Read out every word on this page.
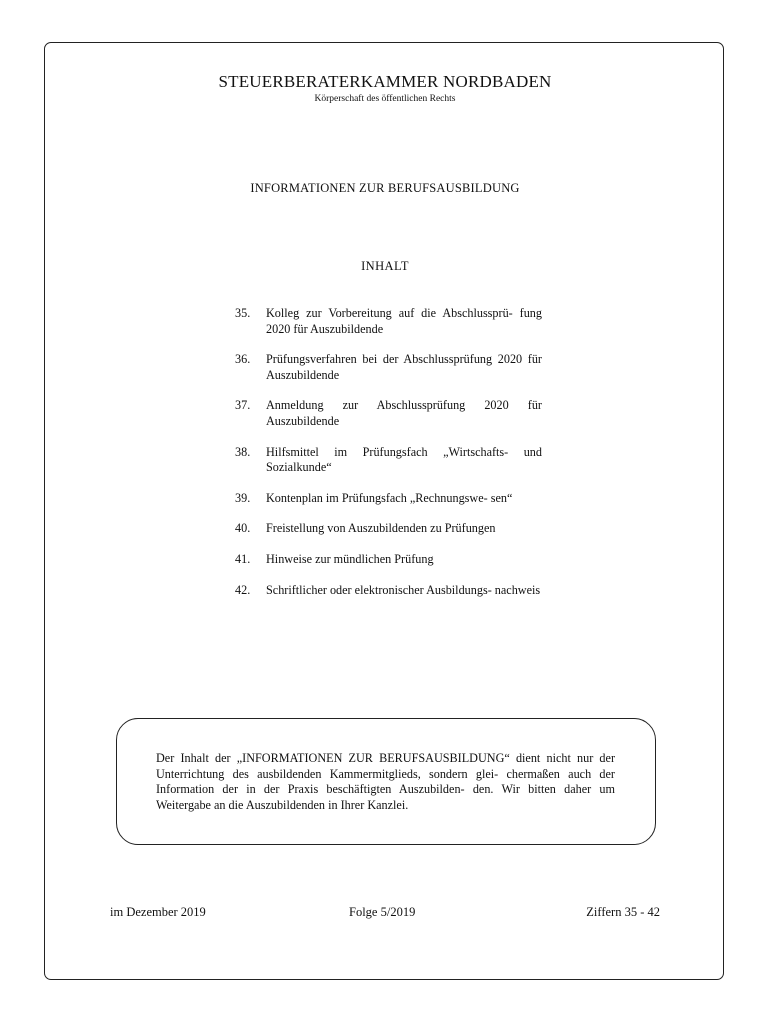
STEUERBERATERKAMMER NORDBADEN
Körperschaft des öffentlichen Rechts
INFORMATIONEN ZUR BERUFSAUSBILDUNG
INHALT
35.	Kolleg zur Vorbereitung auf die Abschlussprü- fung 2020 für Auszubildende
36.	Prüfungsverfahren bei der Abschlussprüfung 2020 für Auszubildende
37.	Anmeldung zur Abschlussprüfung 2020 für Auszubildende
38.	Hilfsmittel im Prüfungsfach „Wirtschafts- und Sozialkunde“
39.	Kontenplan im Prüfungsfach „Rechnungswe- sen“
40.	Freistellung von Auszubildenden zu Prüfungen
41.	Hinweise zur mündlichen Prüfung
42.	Schriftlicher oder elektronischer Ausbildungs- nachweis

Der Inhalt der „INFORMATIONEN ZUR BERUFSAUSBILDUNG“ dient nicht nur der Unterrichtung des ausbildenden Kammermitglieds, sondern glei- chermaßen auch der Information der in der Praxis beschäftigten Auszubilden- den. Wir bitten daher um Weitergabe an die Auszubildenden in Ihrer Kanzlei.

im Dezember 2019	Folge 5/2019	Ziffern 35 - 42
